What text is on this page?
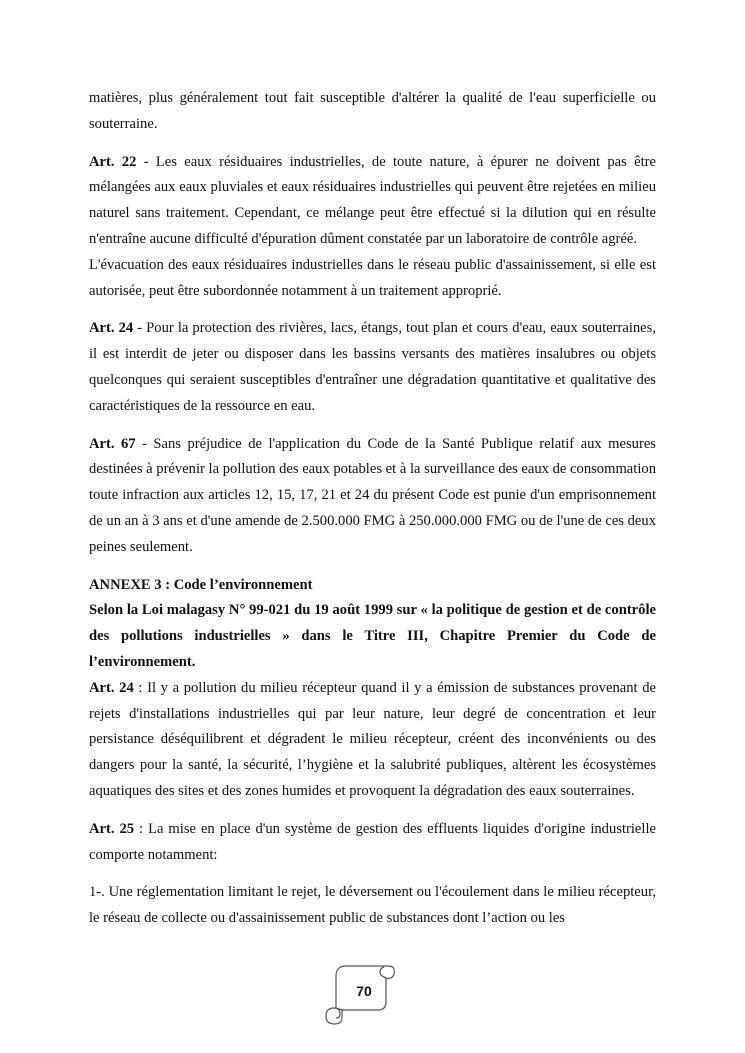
matières, plus généralement tout fait susceptible d'altérer la qualité de l'eau superficielle ou souterraine.

Art. 22 - Les eaux résiduaires industrielles, de toute nature, à épurer ne doivent pas être mélangées aux eaux pluviales et eaux résiduaires industrielles qui peuvent être rejetées en milieu naturel sans traitement. Cependant, ce mélange peut être effectué si la dilution qui en résulte n'entraîne aucune difficulté d'épuration dûment constatée par un laboratoire de contrôle agréé.

L'évacuation des eaux résiduaires industrielles dans le réseau public d'assainissement, si elle est autorisée, peut être subordonnée notamment à un traitement approprié.

Art. 24 - Pour la protection des rivières, lacs, étangs, tout plan et cours d'eau, eaux souterraines, il est interdit de jeter ou disposer dans les bassins versants des matières insalubres ou objets quelconques qui seraient susceptibles d'entraîner une dégradation quantitative et qualitative des caractéristiques de la ressource en eau.

Art. 67 - Sans préjudice de l'application du Code de la Santé Publique relatif aux mesures destinées à prévenir la pollution des eaux potables et à la surveillance des eaux de consommation toute infraction aux articles 12, 15, 17, 21 et 24 du présent Code est punie d'un emprisonnement de un an à 3 ans et d'une amende de 2.500.000 FMG à 250.000.000 FMG ou de l'une de ces deux peines seulement.

ANNEXE 3 : Code l’environnement

Selon la Loi malagasy N° 99-021 du 19 août 1999 sur « la politique de gestion et de contrôle des pollutions industrielles » dans le Titre III, Chapitre Premier du Code de l’environnement.

Art. 24 : Il y a pollution du milieu récepteur quand il y a émission de substances provenant de rejets d'installations industrielles qui par leur nature, leur degré de concentration et leur persistance déséquilibrent et dégradent le milieu récepteur, créent des inconvénients ou des dangers pour la santé, la sécurité, l’hygiène et la salubrité publiques, altèrent les écosystèmes aquatiques des sites et des zones humides et provoquent la dégradation des eaux souterraines.

Art. 25 : La mise en place d'un système de gestion des effluents liquides d'origine industrielle comporte notamment:

1-. Une réglementation limitant le rejet, le déversement ou l'écoulement dans le milieu récepteur, le réseau de collecte ou d'assainissement public de substances dont l’action ou les

70
